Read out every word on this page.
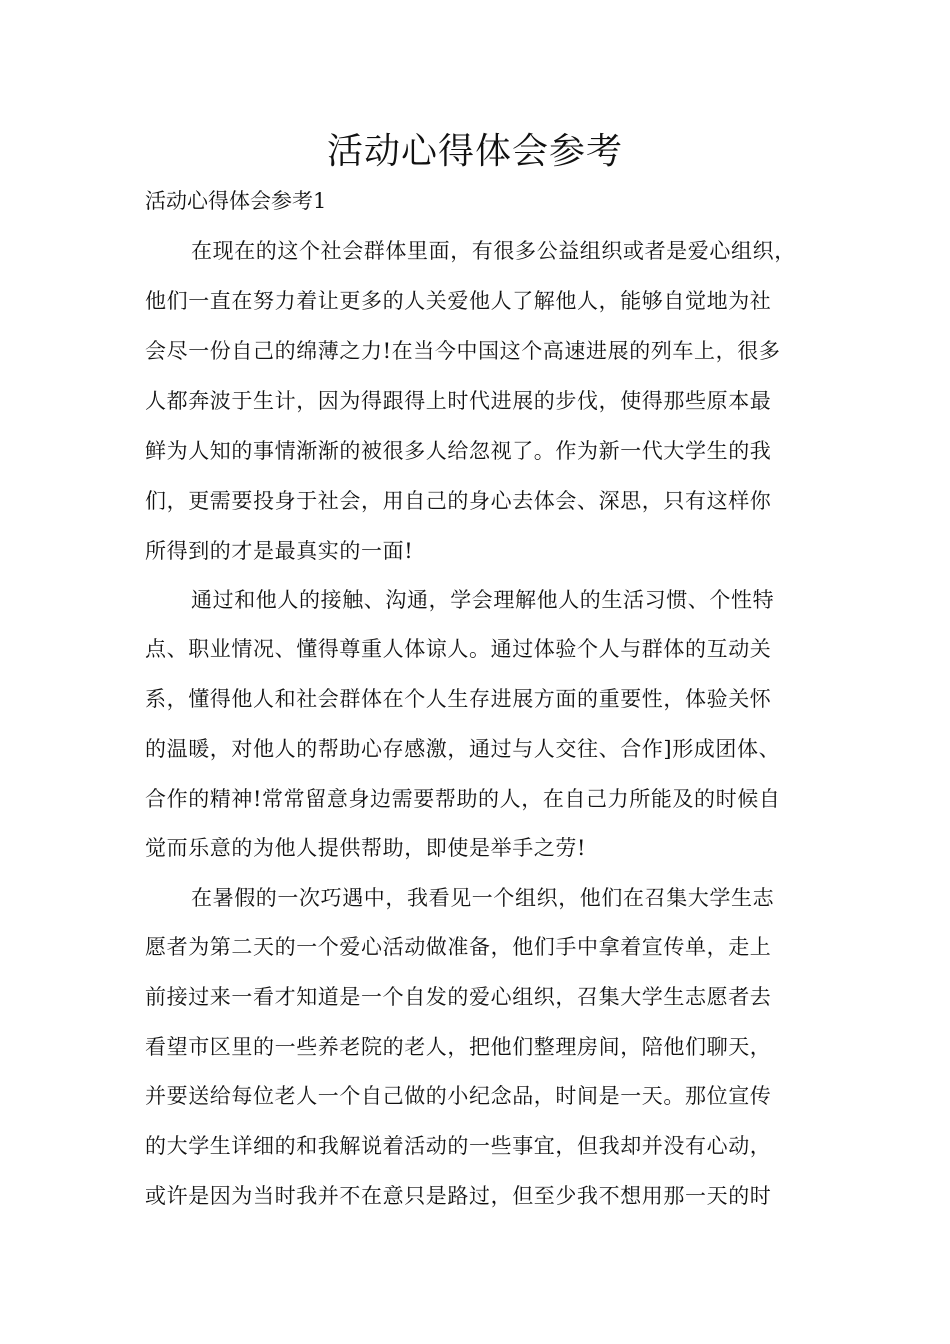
活动心得体会参考

活动心得体会参考1

在现在的这个社会群体里面，有很多公益组织或者是爱心组织，

他们一直在努力着让更多的人关爱他人了解他人，能够自觉地为社

会尽一份自己的绵薄之力!在当今中国这个高速进展的列车上，很多

人都奔波于生计，因为得跟得上时代进展的步伐，使得那些原本最

鲜为人知的事情渐渐的被很多人给忽视了。作为新一代大学生的我

们，更需要投身于社会，用自己的身心去体会、深思，只有这样你

所得到的才是最真实的一面!

通过和他人的接触、沟通，学会理解他人的生活习惯、个性特

点、职业情况、懂得尊重人体谅人。通过体验个人与群体的互动关

系，懂得他人和社会群体在个人生存进展方面的重要性，体验关怀

的温暖，对他人的帮助心存感激，通过与人交往、合作]形成团体、

合作的精神!常常留意身边需要帮助的人，在自己力所能及的时候自

觉而乐意的为他人提供帮助，即使是举手之劳!

在暑假的一次巧遇中，我看见一个组织，他们在召集大学生志

愿者为第二天的一个爱心活动做准备，他们手中拿着宣传单，走上

前接过来一看才知道是一个自发的爱心组织，召集大学生志愿者去

看望市区里的一些养老院的老人，把他们整理房间，陪他们聊天，

并要送给每位老人一个自己做的小纪念品，时间是一天。那位宣传

的大学生详细的和我解说着活动的一些事宜，但我却并没有心动，

或许是因为当时我并不在意只是路过，但至少我不想用那一天的时
